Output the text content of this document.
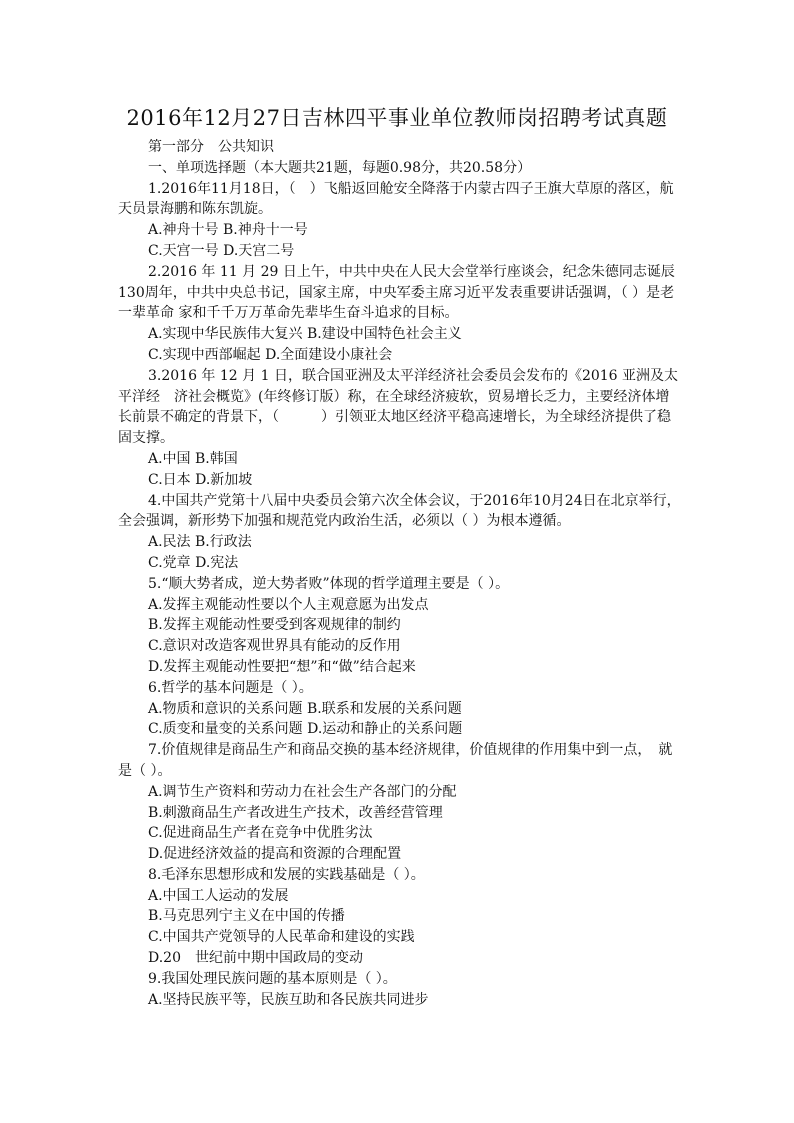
2016年12月27日吉林四平事业单位教师岗招聘考试真题

第一部分　公共知识

一、单项选择题（本大题共21题，每题0.98分，共20.58分）

1.2016年11月18日，（　）飞船返回舱安全降落于内蒙古四子王旗大草原的落区，航天员景海鹏和陈东凯旋。

A.神舟十号 B.神舟十一号

C.天宫一号 D.天宫二号

2.2016 年 11 月 29 日上午，中共中央在人民大会堂举行座谈会，纪念朱德同志诞辰 130周年，中共中央总书记，国家主席，中央军委主席习近平发表重要讲话强调，（ ）是老一辈革命 家和千千万万革命先辈毕生奋斗追求的目标。

A.实现中华民族伟大复兴 B.建设中国特色社会主义

C.实现中西部崛起 D.全面建设小康社会

3.2016 年 12 月 1 日，联合国亚洲及太平洋经济社会委员会发布的《2016 亚洲及太平洋经　济社会概览》(年终修订版）称，在全球经济疲软，贸易增长乏力，主要经济体增长前景不确定的背景下，（　　　）引领亚太地区经济平稳高速增长，为全球经济提供了稳固支撑。

A.中国 B.韩国

C.日本 D.新加坡

4.中国共产党第十八届中央委员会第六次全体会议，于2016年10月24日在北京举行，全会强调，新形势下加强和规范党内政治生活，必须以（ ）为根本遵循。

A.民法 B.行政法

C.党章 D.宪法

5.“顺大势者成，逆大势者败”体现的哲学道理主要是（ ）。

A.发挥主观能动性要以个人主观意愿为出发点

B.发挥主观能动性要受到客观规律的制约

C.意识对改造客观世界具有能动的反作用

D.发挥主观能动性要把“想”和“做”结合起来

6.哲学的基本问题是（ ）。

A.物质和意识的关系问题 B.联系和发展的关系问题

C.质变和量变的关系问题 D.运动和静止的关系问题

7.价值规律是商品生产和商品交换的基本经济规律，价值规律的作用集中到一点，　就是（ ）。

A.调节生产资料和劳动力在社会生产各部门的分配

B.刺激商品生产者改进生产技术，改善经营管理

C.促进商品生产者在竞争中优胜劣汰

D.促进经济效益的提高和资源的合理配置

8.毛泽东思想形成和发展的实践基础是（ ）。

A.中国工人运动的发展

B.马克思列宁主义在中国的传播

C.中国共产党领导的人民革命和建设的实践

D.20　世纪前中期中国政局的变动

9.我国处理民族问题的基本原则是（ ）。

A.坚持民族平等，民族互助和各民族共同进步
